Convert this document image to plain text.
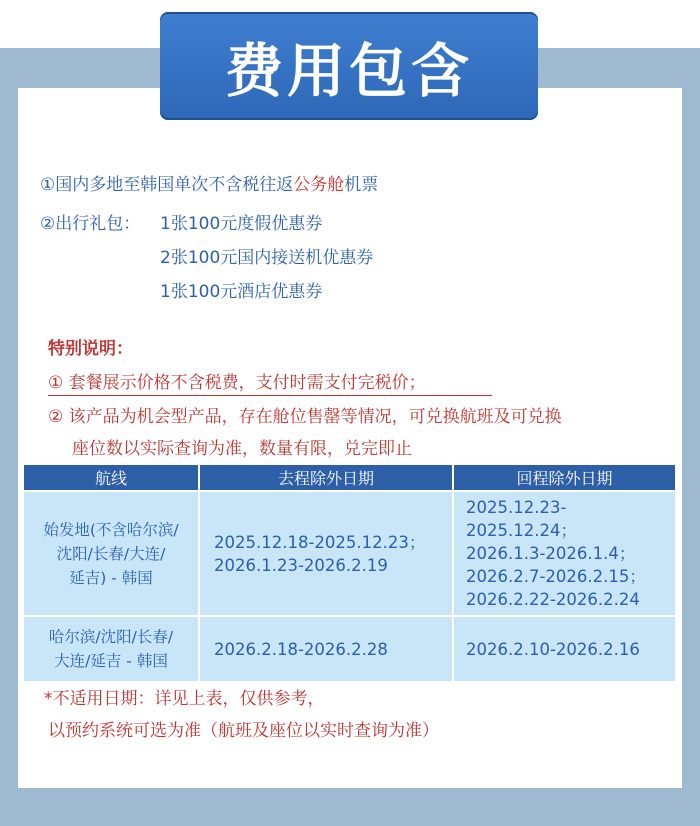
费用包含
①国内多地至韩国单次不含税往返公务舱机票
②出行礼包： 1张100元度假优惠券
2张100元国内接送机优惠券
1张100元酒店优惠券
特别说明：
① 套餐展示价格不含税费，支付时需支付完税价；
② 该产品为机会型产品，存在舱位售罄等情况，可兑换航班及可兑换
座位数以实际查询为准，数量有限，兑完即止
航线	去程除外日期	回程除外日期

始发地(不含哈尔滨/
沈阳/长春/大连/
延吉) - 韩国	2025.12.18-2025.12.23；
2026.1.23-2026.2.19	2025.12.23-2025.12.24；
2026.1.3-2026.1.4；
2026.2.7-2026.2.15；
2026.2.22-2026.2.24

哈尔滨/沈阳/长春/
大连/延吉 - 韩国	2026.2.18-2026.2.28	2026.2.10-2026.2.16
*不适用日期：详见上表，仅供参考，
以预约系统可选为准（航班及座位以实时查询为准）
